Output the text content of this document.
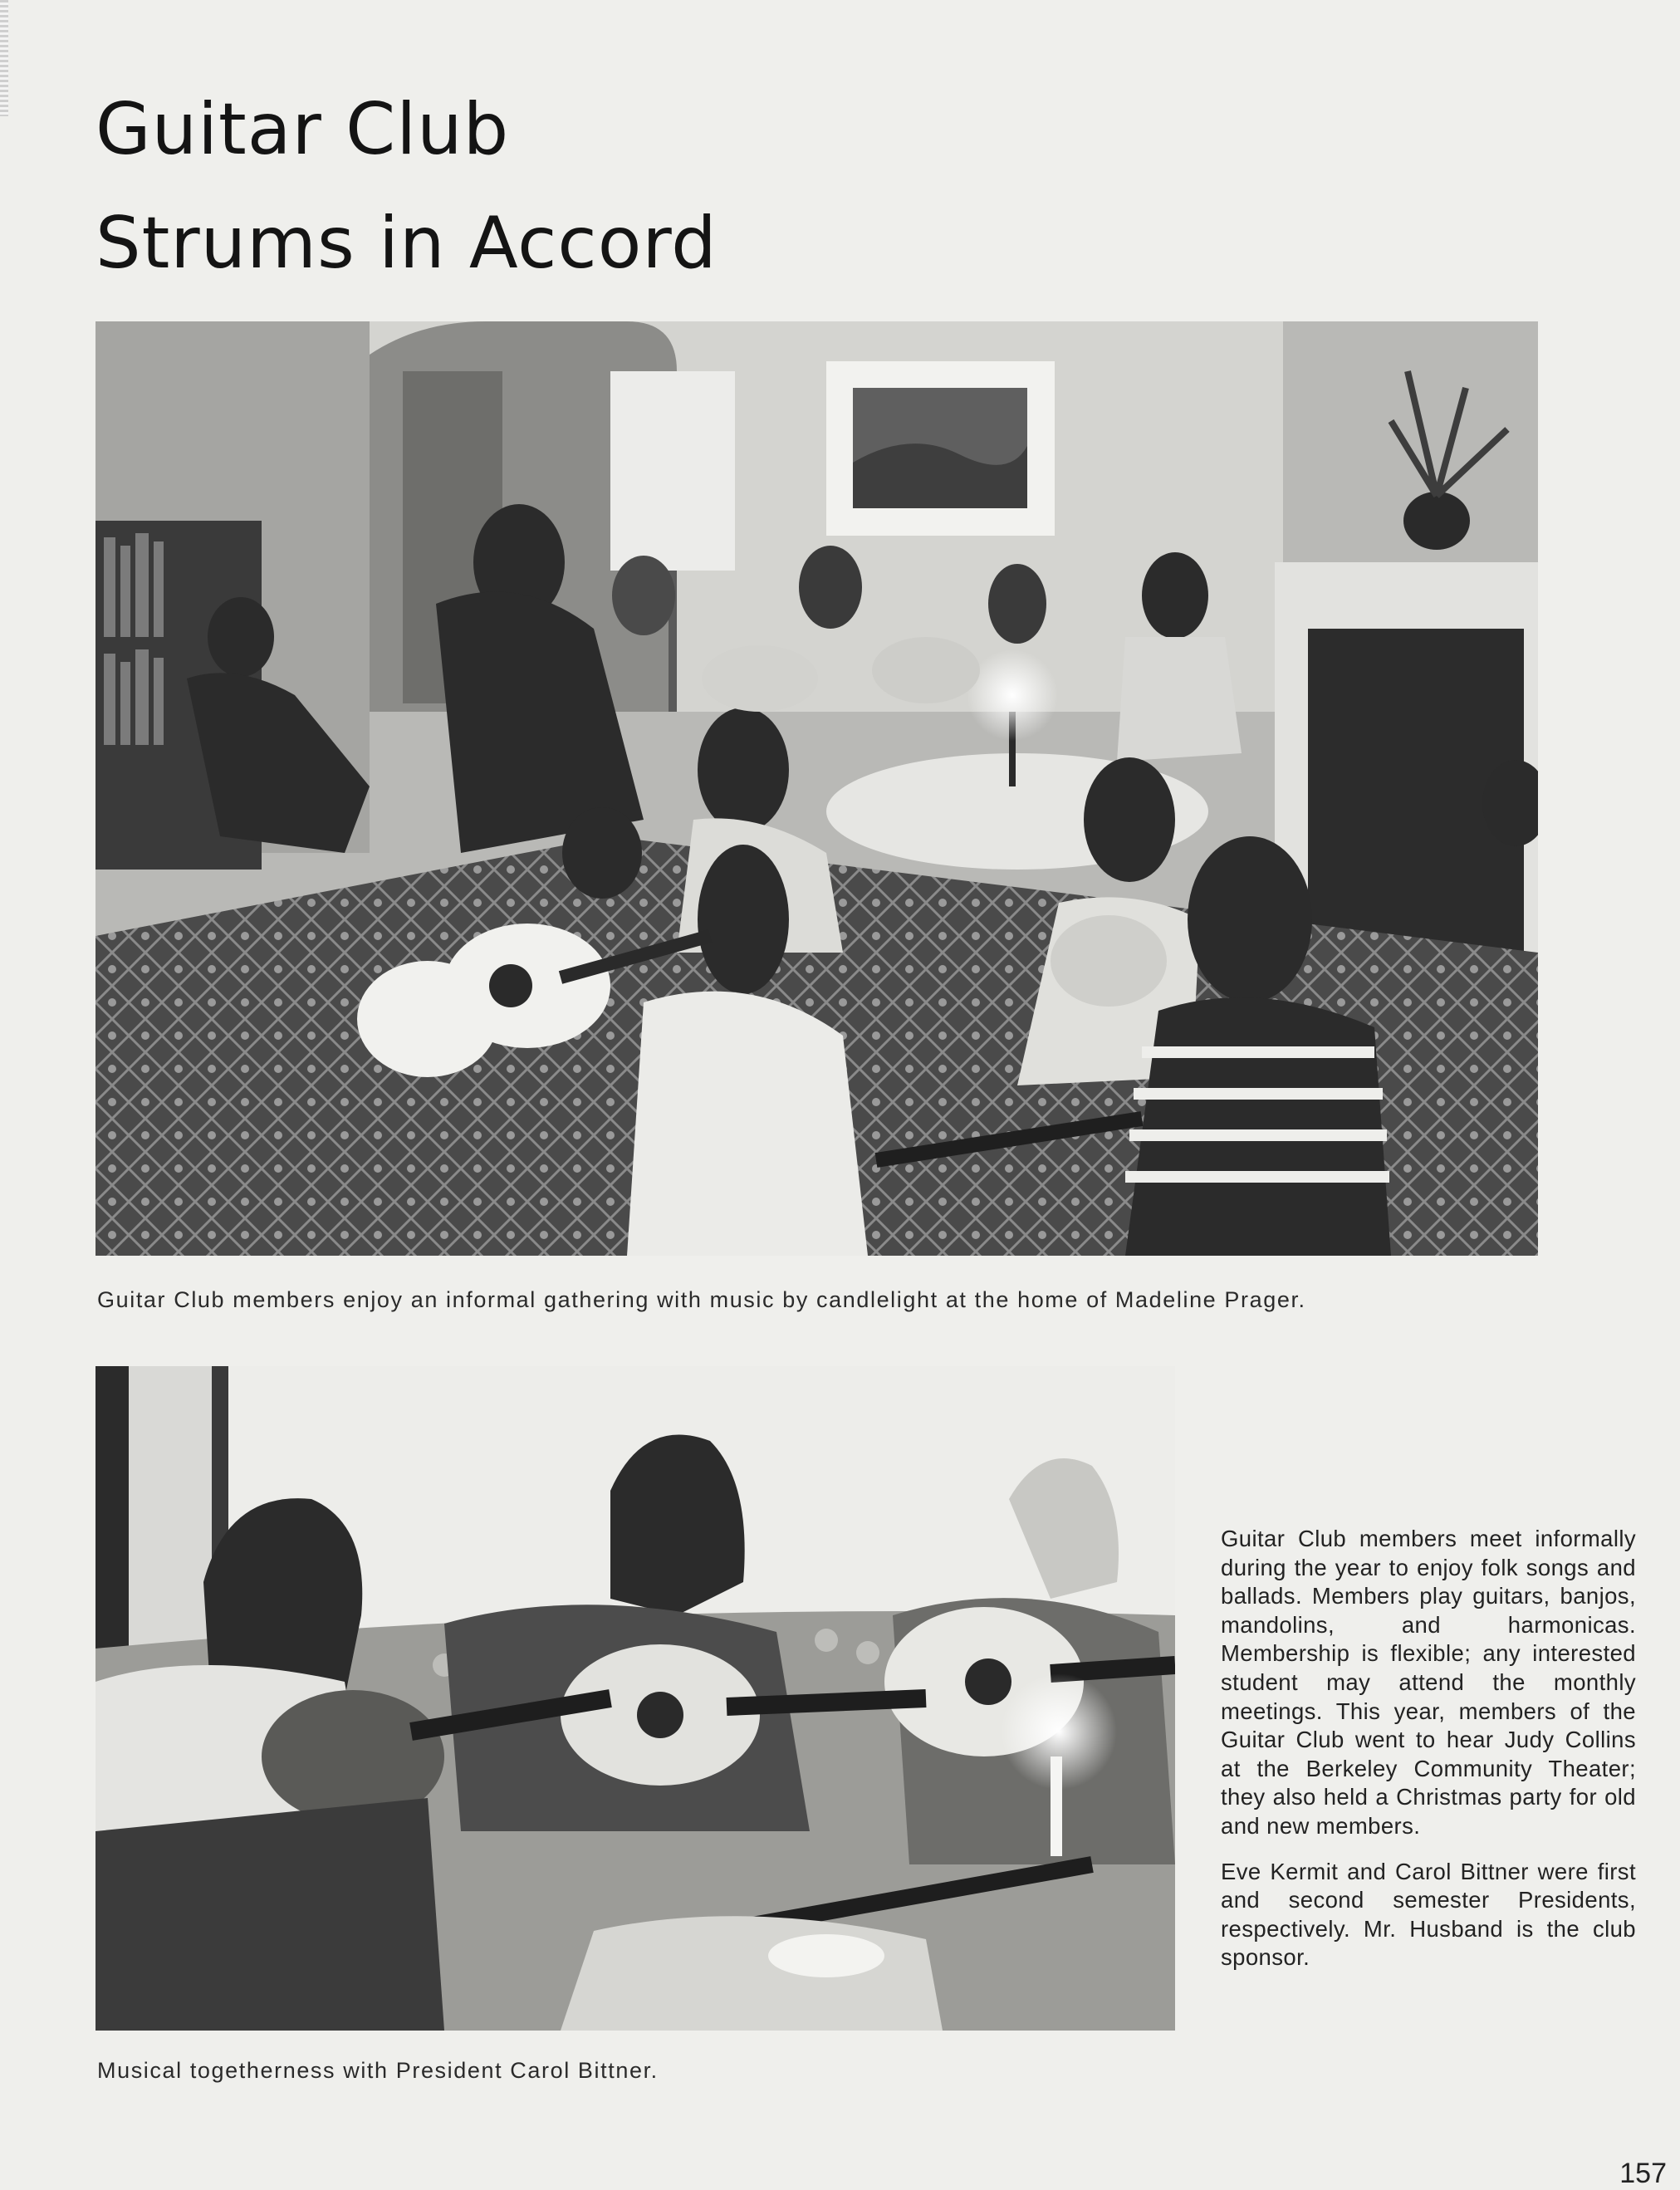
Guitar Club
Strums in Accord

Guitar Club members enjoy an informal gathering with music by candlelight at the home of Madeline Prager.

Musical togetherness with President Carol Bittner.

Guitar Club members meet informally during the year to enjoy folk songs and ballads. Members play guitars, banjos, mandolins, and harmonicas. Membership is flexible; any interested student may attend the monthly meetings. This year, members of the Guitar Club went to hear Judy Collins at the Berkeley Community Theater; they also held a Christmas party for old and new members.

Eve Kermit and Carol Bittner were first and second semester Presidents, respectively. Mr. Husband is the club sponsor.

157
